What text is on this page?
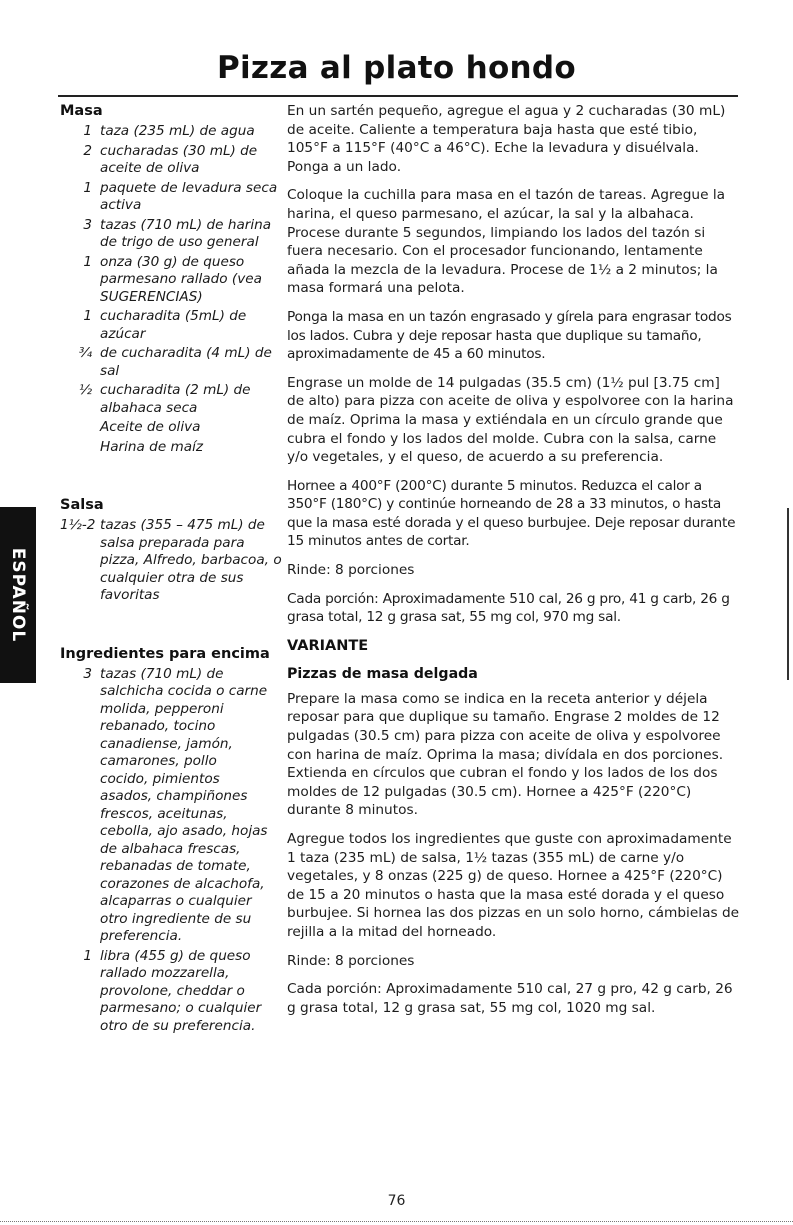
Pizza al plato hondo
ESPAÑOL
Masa
1 taza (235 mL) de agua
2 cucharadas (30 mL) de aceite de oliva
1 paquete de levadura seca activa
3 tazas (710 mL) de harina de trigo de uso general
1 onza (30 g) de queso parmesano rallado (vea SUGERENCIAS)
1 cucharadita (5mL) de azúcar
¾ de cucharadita (4 mL) de sal
½ cucharadita (2 mL) de albahaca seca
Aceite de oliva
Harina de maíz
Salsa
1½-2 tazas (355 – 475 mL) de salsa preparada para pizza, Alfredo, barbacoa, o cualquier otra de sus favoritas
Ingredientes para encima
3 tazas (710 mL) de salchicha cocida o carne molida, pepperoni rebanado, tocino canadiense, jamón, camarones, pollo cocido, pimientos asados, champiñones frescos, aceitunas, cebolla, ajo asado, hojas de albahaca frescas, rebanadas de tomate, corazones de alcachofa, alcaparras o cualquier otro ingrediente de su preferencia.
1 libra (455 g) de queso rallado mozzarella, provolone, cheddar o parmesano; o cualquier otro de su preferencia.

En un sartén pequeño, agregue el agua y 2 cucharadas (30 mL) de aceite. Caliente a temperatura baja hasta que esté tibio, 105°F a 115°F (40°C a 46°C). Eche la levadura y disuélvala. Ponga a un lado.

Coloque la cuchilla para masa en el tazón de tareas. Agregue la harina, el queso parmesano, el azúcar, la sal y la albahaca. Procese durante 5 segundos, limpiando los lados del tazón si fuera necesario. Con el procesador funcionando, lentamente añada la mezcla de la levadura. Procese de 1½ a 2 minutos; la masa formará una pelota.

Ponga la masa en un tazón engrasado y gírela para engrasar todos los lados. Cubra y deje reposar hasta que duplique su tamaño, aproximadamente de 45 a 60 minutos.

Engrase un molde de 14 pulgadas (35.5 cm) (1½ pul [3.75 cm] de alto) para pizza con aceite de oliva y espolvoree con la harina de maíz. Oprima la masa y extiéndala en un círculo grande que cubra el fondo y los lados del molde. Cubra con la salsa, carne y/o vegetales, y el queso, de acuerdo a su preferencia.

Hornee a 400°F (200°C) durante 5 minutos. Reduzca el calor a 350°F (180°C) y continúe horneando de 28 a 33 minutos, o hasta que la masa esté dorada y el queso burbujee. Deje reposar durante 15 minutos antes de cortar.

Rinde: 8 porciones

Cada porción: Aproximadamente 510 cal, 26 g pro, 41 g carb, 26 g grasa total, 12 g grasa sat, 55 mg col, 970 mg sal.

VARIANTE
Pizzas de masa delgada

Prepare la masa como se indica en la receta anterior y déjela reposar para que duplique su tamaño. Engrase 2 moldes de 12 pulgadas (30.5 cm) para pizza con aceite de oliva y espolvoree con harina de maíz. Oprima la masa; divídala en dos porciones. Extienda en círculos que cubran el fondo y los lados de los dos moldes de 12 pulgadas (30.5 cm). Hornee a 425°F (220°C) durante 8 minutos.

Agregue todos los ingredientes que guste con aproximadamente 1 taza (235 mL) de salsa, 1½ tazas (355 mL) de carne y/o vegetales, y 8 onzas (225 g) de queso. Hornee a 425°F (220°C) de 15 a 20 minutos o hasta que la masa esté dorada y el queso burbujee. Si hornea las dos pizzas en un solo horno, cámbielas de rejilla a la mitad del horneado.

Rinde: 8 porciones

Cada porción: Aproximadamente 510 cal, 27 g pro, 42 g carb, 26 g grasa total, 12 g grasa sat, 55 mg col, 1020 mg sal.

76
